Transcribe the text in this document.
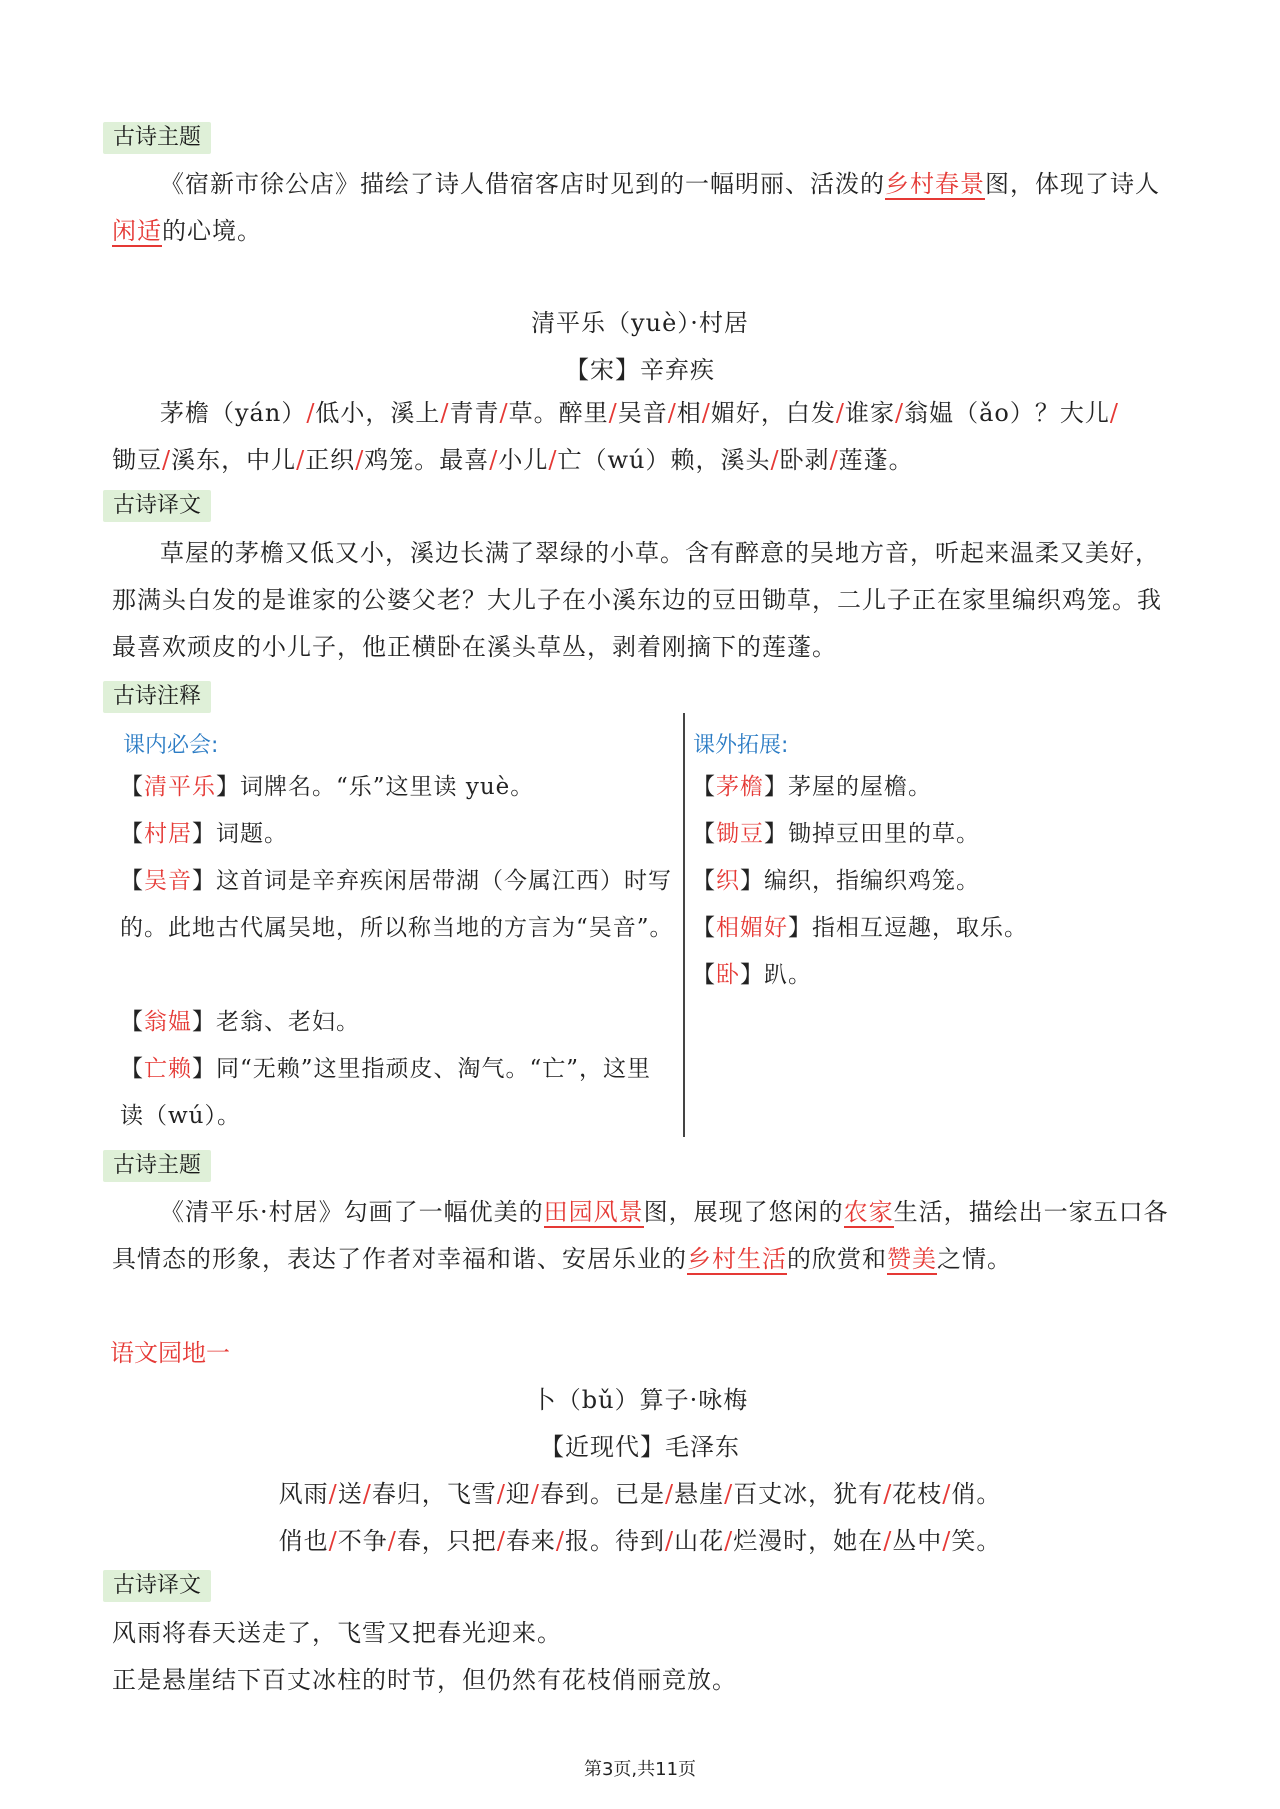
古诗主题
《宿新市徐公店》描绘了诗人借宿客店时见到的一幅明丽、活泼的乡村春景图，体现了诗人闲适的心境。
清平乐（yuè）·村居
【宋】辛弃疾
茅檐（yán）/低小，溪上/青青/草。醉里/吴音/相/媚好，白发/谁家/翁媪（ǎo）？大儿/
锄豆/溪东，中儿/正织/鸡笼。最喜/小儿/亡（wú）赖，溪头/卧剥/莲蓬。
古诗译文
草屋的茅檐又低又小，溪边长满了翠绿的小草。含有醉意的吴地方音，听起来温柔又美好，那满头白发的是谁家的公婆父老？大儿子在小溪东边的豆田锄草，二儿子正在家里编织鸡笼。我最喜欢顽皮的小儿子，他正横卧在溪头草丛，剥着刚摘下的莲蓬。
古诗注释
课内必会:	课外拓展:
【清平乐】词牌名。“乐”这里读 yuè。
【村居】词题。
【吴音】这首词是辛弃疾闲居带湖（今属江西）时写的。此地古代属吴地，所以称当地的方言为“吴音”。
【翁媪】老翁、老妇。
【亡赖】同“无赖”这里指顽皮、淘气。“亡”，这里读（wú）。
【茅檐】茅屋的屋檐。
【锄豆】锄掉豆田里的草。
【织】编织，指编织鸡笼。
【相媚好】指相互逗趣，取乐。
【卧】趴。
古诗主题
《清平乐·村居》勾画了一幅优美的田园风景图，展现了悠闲的农家生活，描绘出一家五口各具情态的形象，表达了作者对幸福和谐、安居乐业的乡村生活的欣赏和赞美之情。
语文园地一
卜（bǔ）算子·咏梅
【近现代】毛泽东
风雨/送/春归，飞雪/迎/春到。已是/悬崖/百丈冰，犹有/花枝/俏。
俏也/不争/春，只把/春来/报。待到/山花/烂漫时，她在/丛中/笑。
古诗译文
风雨将春天送走了，飞雪又把春光迎来。
正是悬崖结下百丈冰柱的时节，但仍然有花枝俏丽竞放。
第3页,共11页
